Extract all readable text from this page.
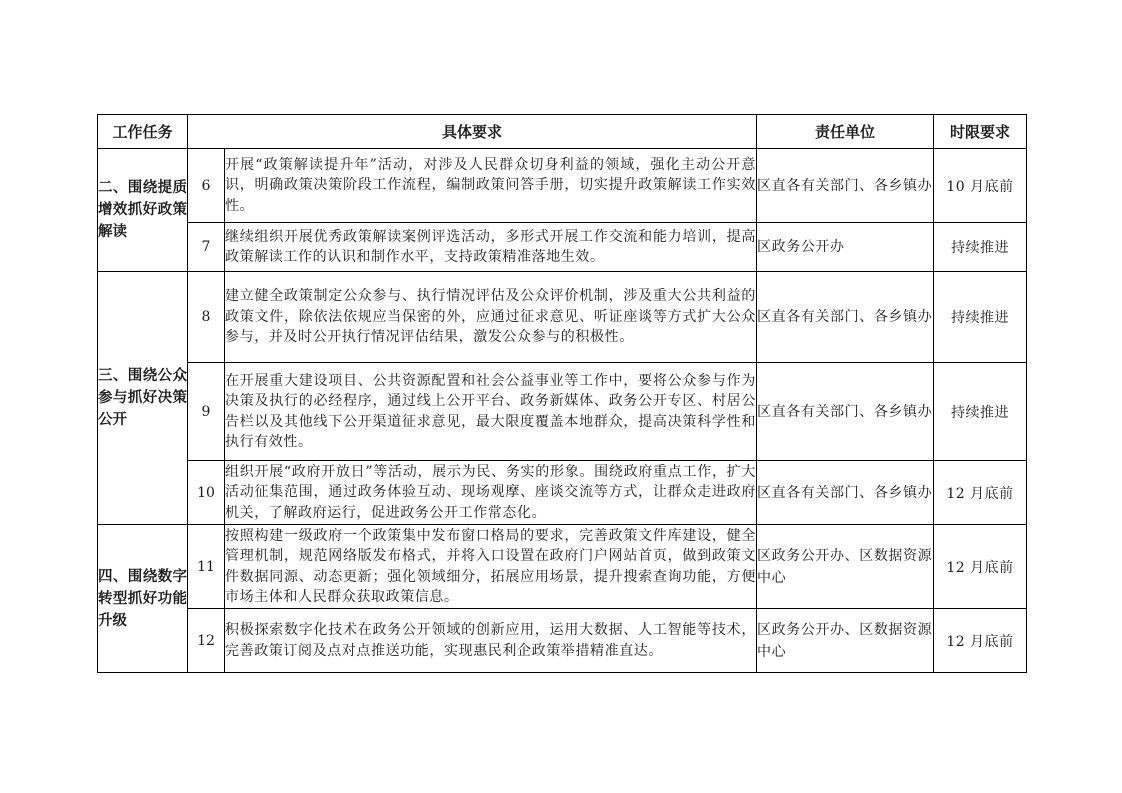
工作任务	具体要求		责任单位	时限要求
二、围绕提质增效抓好政策解读	6	开展“政策解读提升年”活动，对涉及人民群众切身利益的领域，强化主动公开意识，明确政策决策阶段工作流程，编制政策问答手册，切实提升政策解读工作实效性。	区直各有关部门、各乡镇办	10 月底前
	7	继续组织开展优秀政策解读案例评选活动，多形式开展工作交流和能力培训，提高政策解读工作的认识和制作水平，支持政策精准落地生效。	区政务公开办	持续推进
三、围绕公众参与抓好决策公开	8	建立健全政策制定公众参与、执行情况评估及公众评价机制，涉及重大公共利益的政策文件，除依法依规应当保密的外，应通过征求意见、听证座谈等方式扩大公众参与，并及时公开执行情况评估结果，激发公众参与的积极性。	区直各有关部门、各乡镇办	持续推进
	9	在开展重大建设项目、公共资源配置和社会公益事业等工作中，要将公众参与作为决策及执行的必经程序，通过线上公开平台、政务新媒体、政务公开专区、村居公告栏以及其他线下公开渠道征求意见，最大限度覆盖本地群众，提高决策科学性和执行有效性。	区直各有关部门、各乡镇办	持续推进
	10	组织开展“政府开放日”等活动，展示为民、务实的形象。围绕政府重点工作，扩大活动征集范围，通过政务体验互动、现场观摩、座谈交流等方式，让群众走进政府机关，了解政府运行，促进政务公开工作常态化。	区直各有关部门、各乡镇办	12 月底前
四、围绕数字转型抓好功能升级	11	按照构建一级政府一个政策集中发布窗口格局的要求，完善政策文件库建设，健全管理机制，规范网络版发布格式，并将入口设置在政府门户网站首页，做到政策文件数据同源、动态更新；强化领域细分，拓展应用场景，提升搜索查询功能，方便市场主体和人民群众获取政策信息。	区政务公开办、区数据资源中心	12 月底前
	12	积极探索数字化技术在政务公开领域的创新应用，运用大数据、人工智能等技术，完善政策订阅及点对点推送功能，实现惠民利企政策举措精准直达。	区政务公开办、区数据资源中心	12 月底前
